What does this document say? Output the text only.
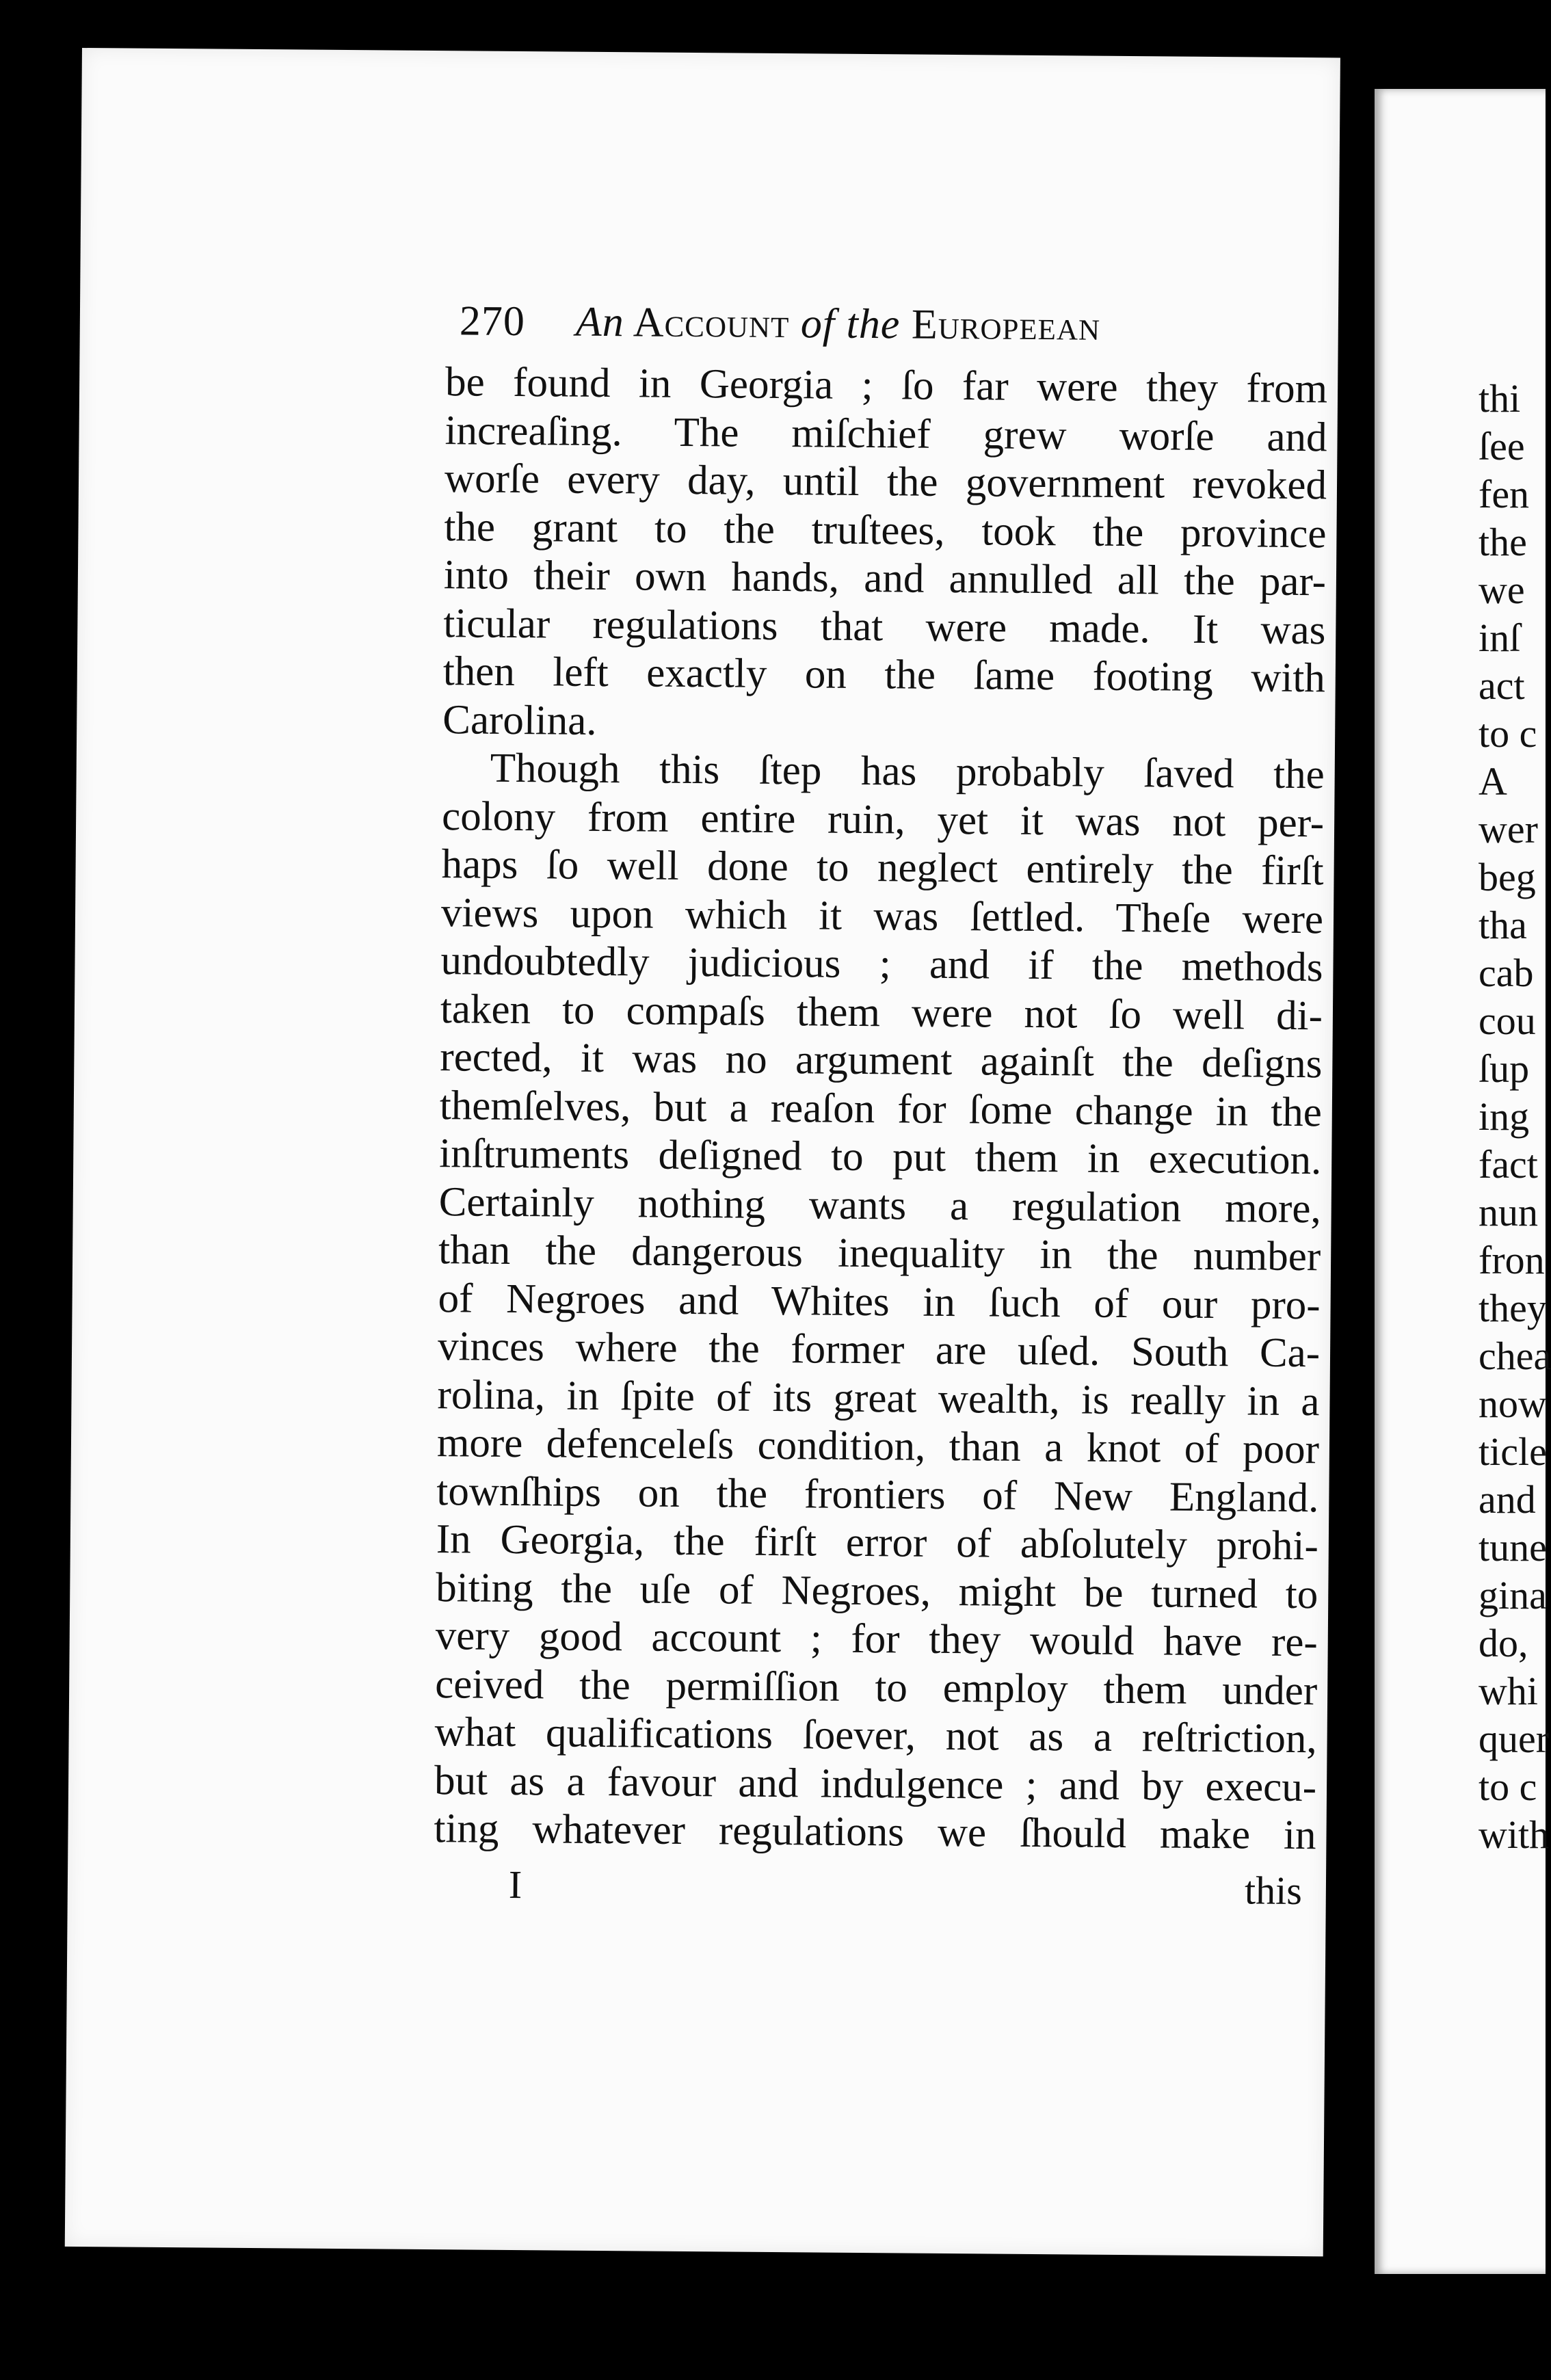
270 An Account of the Europeean
be found in Georgia ; ſo far were they from
increaſing. The miſchief grew worſe and
worſe every day, until the government revoked
the grant to the truſtees, took the province
into their own hands, and annulled all the par-
ticular regulations that were made. It was
then left exactly on the ſame footing with
Carolina.
Though this ſtep has probably ſaved the
colony from entire ruin, yet it was not per-
haps ſo well done to neglect entirely the firſt
views upon which it was ſettled. Theſe were
undoubtedly judicious ; and if the methods
taken to compaſs them were not ſo well di-
rected, it was no argument againſt the deſigns
themſelves, but a reaſon for ſome change in the
inſtruments deſigned to put them in execution.
Certainly nothing wants a regulation more,
than the dangerous inequality in the number
of Negroes and Whites in ſuch of our pro-
vinces where the former are uſed. South Ca-
rolina, in ſpite of its great wealth, is really in a
more defenceleſs condition, than a knot of poor
townſhips on the frontiers of New England.
In Georgia, the firſt error of abſolutely prohi-
biting the uſe of Negroes, might be turned to
very good account ; for they would have re-
ceived the permiſſion to employ them under
what qualifications ſoever, not as a reſtriction,
but as a favour and indulgence ; and by execu-
ting whatever regulations we ſhould make in
I	this
thi
ſee
fen
the
we
inſ
act
to c
A
wer
beg
tha
cab
cou
ſup
ing
fact
nun
fron
they
chea
now
ticle
and
tune
gina
do,
whi
quer
to c
with
